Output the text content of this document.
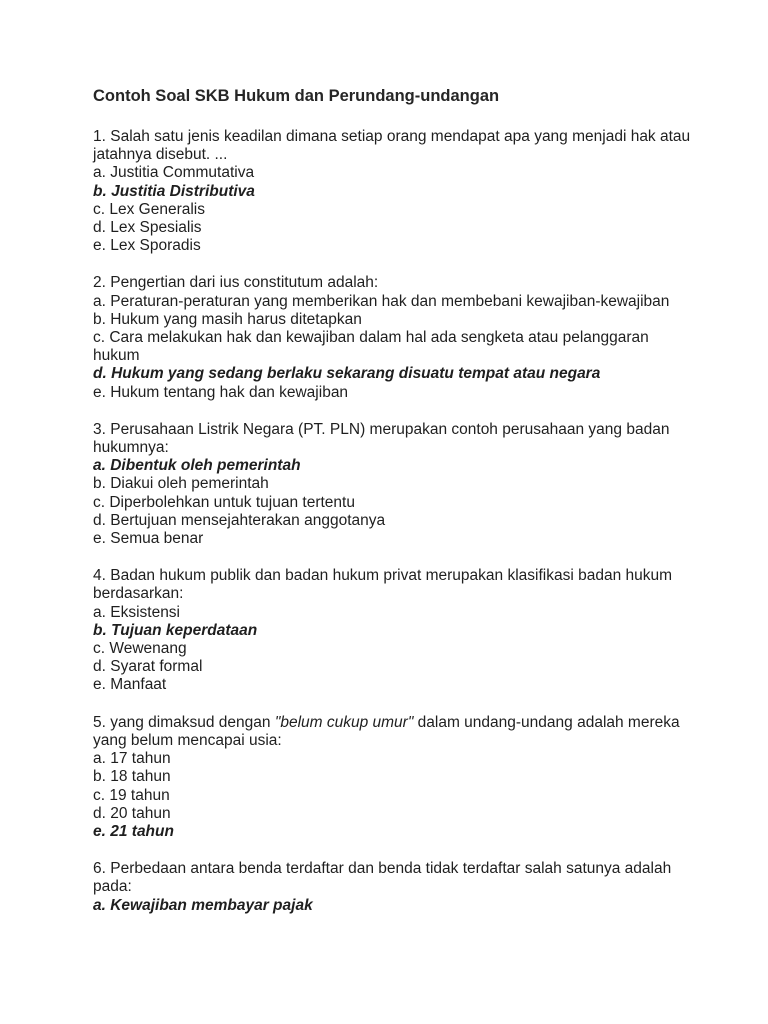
Contoh Soal SKB Hukum dan Perundang-undangan

1. Salah satu jenis keadilan dimana setiap orang mendapat apa yang menjadi hak atau jatahnya disebut. ...

a. Justitia Commutativa

b. Justitia Distributiva

c. Lex Generalis

d. Lex Spesialis

e. Lex Sporadis

2. Pengertian dari ius constitutum adalah:

a. Peraturan-peraturan yang memberikan hak dan membebani kewajiban-kewajiban

b. Hukum yang masih harus ditetapkan

c. Cara melakukan hak dan kewajiban dalam hal ada sengketa atau pelanggaran hukum

d. Hukum yang sedang berlaku sekarang disuatu tempat atau negara

e. Hukum tentang hak dan kewajiban

3. Perusahaan Listrik Negara (PT. PLN) merupakan contoh perusahaan yang badan hukumnya:

a. Dibentuk oleh pemerintah

b. Diakui oleh pemerintah

c. Diperbolehkan untuk tujuan tertentu

d. Bertujuan mensejahterakan anggotanya

e. Semua benar

4. Badan hukum publik dan badan hukum privat merupakan klasifikasi badan hukum berdasarkan:

a. Eksistensi

b. Tujuan keperdataan

c. Wewenang

d. Syarat formal

e. Manfaat

5. yang dimaksud dengan "belum cukup umur" dalam undang-undang adalah mereka yang belum mencapai usia:

a. 17 tahun

b. 18 tahun

c. 19 tahun

d. 20 tahun

e. 21 tahun

6. Perbedaan antara benda terdaftar dan benda tidak terdaftar salah satunya adalah pada:

a. Kewajiban membayar pajak
